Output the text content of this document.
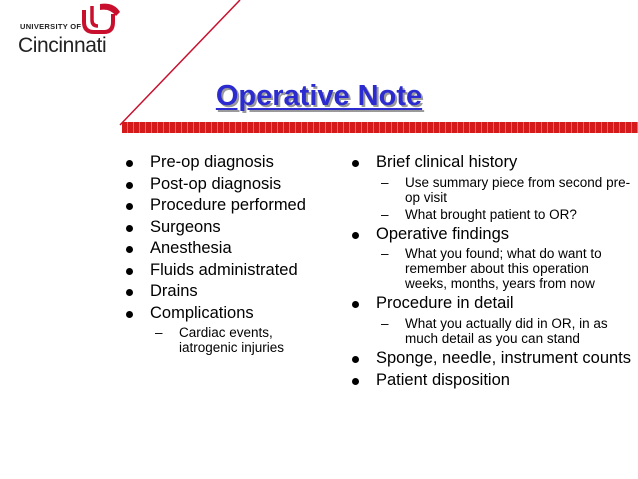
UNIVERSITY OF
Cincinnati
Operative Note
Pre-op diagnosis
Post-op diagnosis
Procedure performed
Surgeons
Anesthesia
Fluids administrated
Drains
Complications
– Cardiac events, iatrogenic injuries
Brief clinical history
– Use summary piece from second pre-op visit
– What brought patient to OR?
Operative findings
– What you found; what do want to remember about this operation weeks, months, years from now
Procedure in detail
– What you actually did in OR, in as much detail as you can stand
Sponge, needle, instrument counts
Patient disposition
